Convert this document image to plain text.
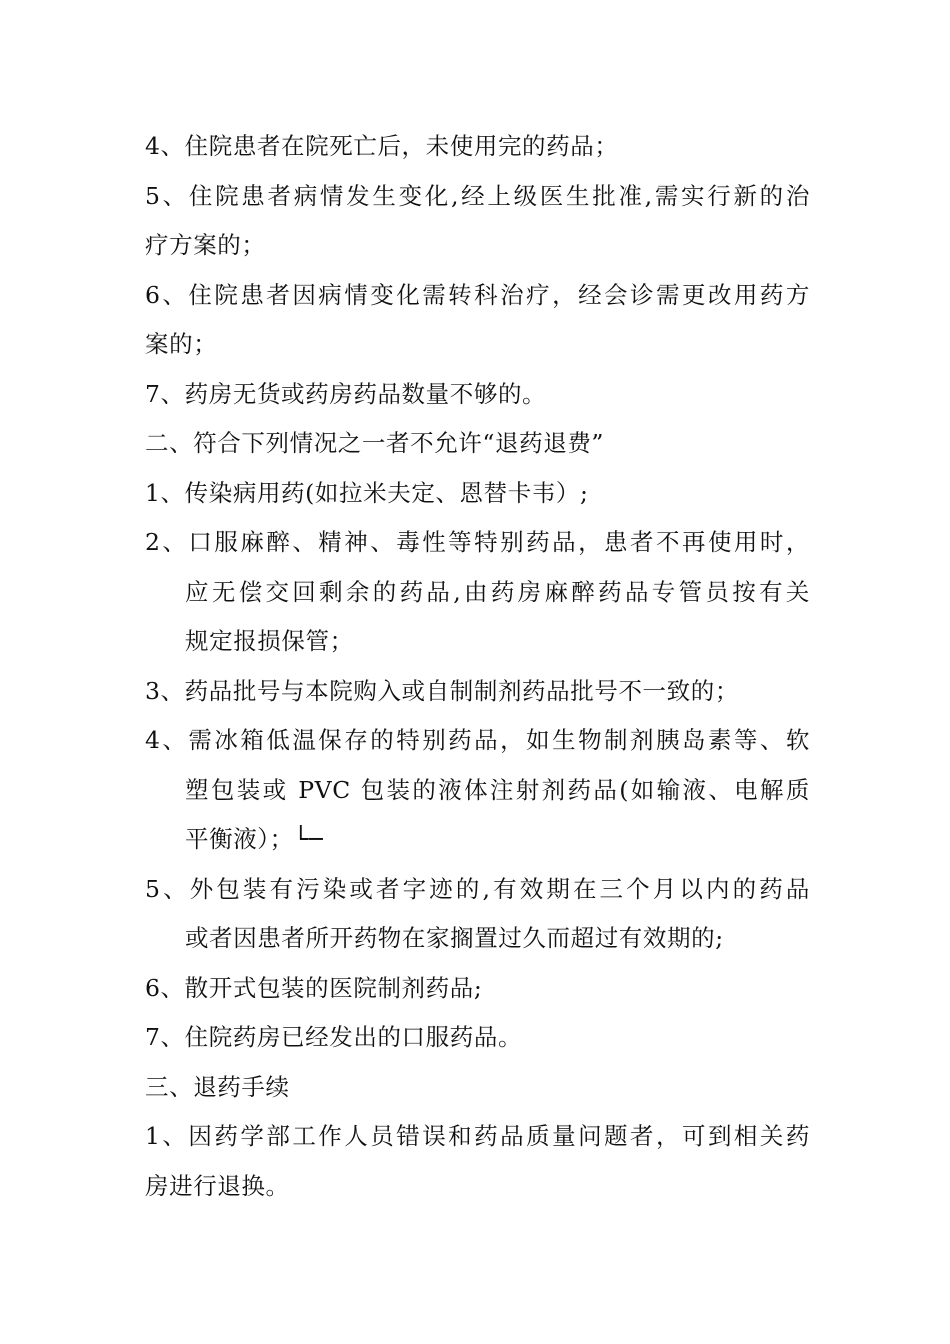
4、住院患者在院死亡后，未使用完的药品；
5、住院患者病情发生变化,经上级医生批准,需实行新的治
疗方案的；
6、住院患者因病情变化需转科治疗，经会诊需更改用药方
案的；
7、药房无货或药房药品数量不够的。
二、符合下列情况之一者不允许“退药退费”
1、传染病用药(如拉米夫定、恩替卡韦）;
2、口服麻醉、精神、毒性等特别药品，患者不再使用时，
应无偿交回剩余的药品,由药房麻醉药品专管员按有关
规定报损保管；
3、药品批号与本院购入或自制制剂药品批号不一致的；
4、需冰箱低温保存的特别药品，如生物制剂胰岛素等、软
塑包装或 PVC 包装的液体注射剂药品(如输液、电解质
平衡液）；└─
5、外包装有污染或者字迹的,有效期在三个月以内的药品
或者因患者所开药物在家搁置过久而超过有效期的;
6、散开式包装的医院制剂药品;
7、住院药房已经发出的口服药品。
三、退药手续
1、因药学部工作人员错误和药品质量问题者，可到相关药
房进行退换。
